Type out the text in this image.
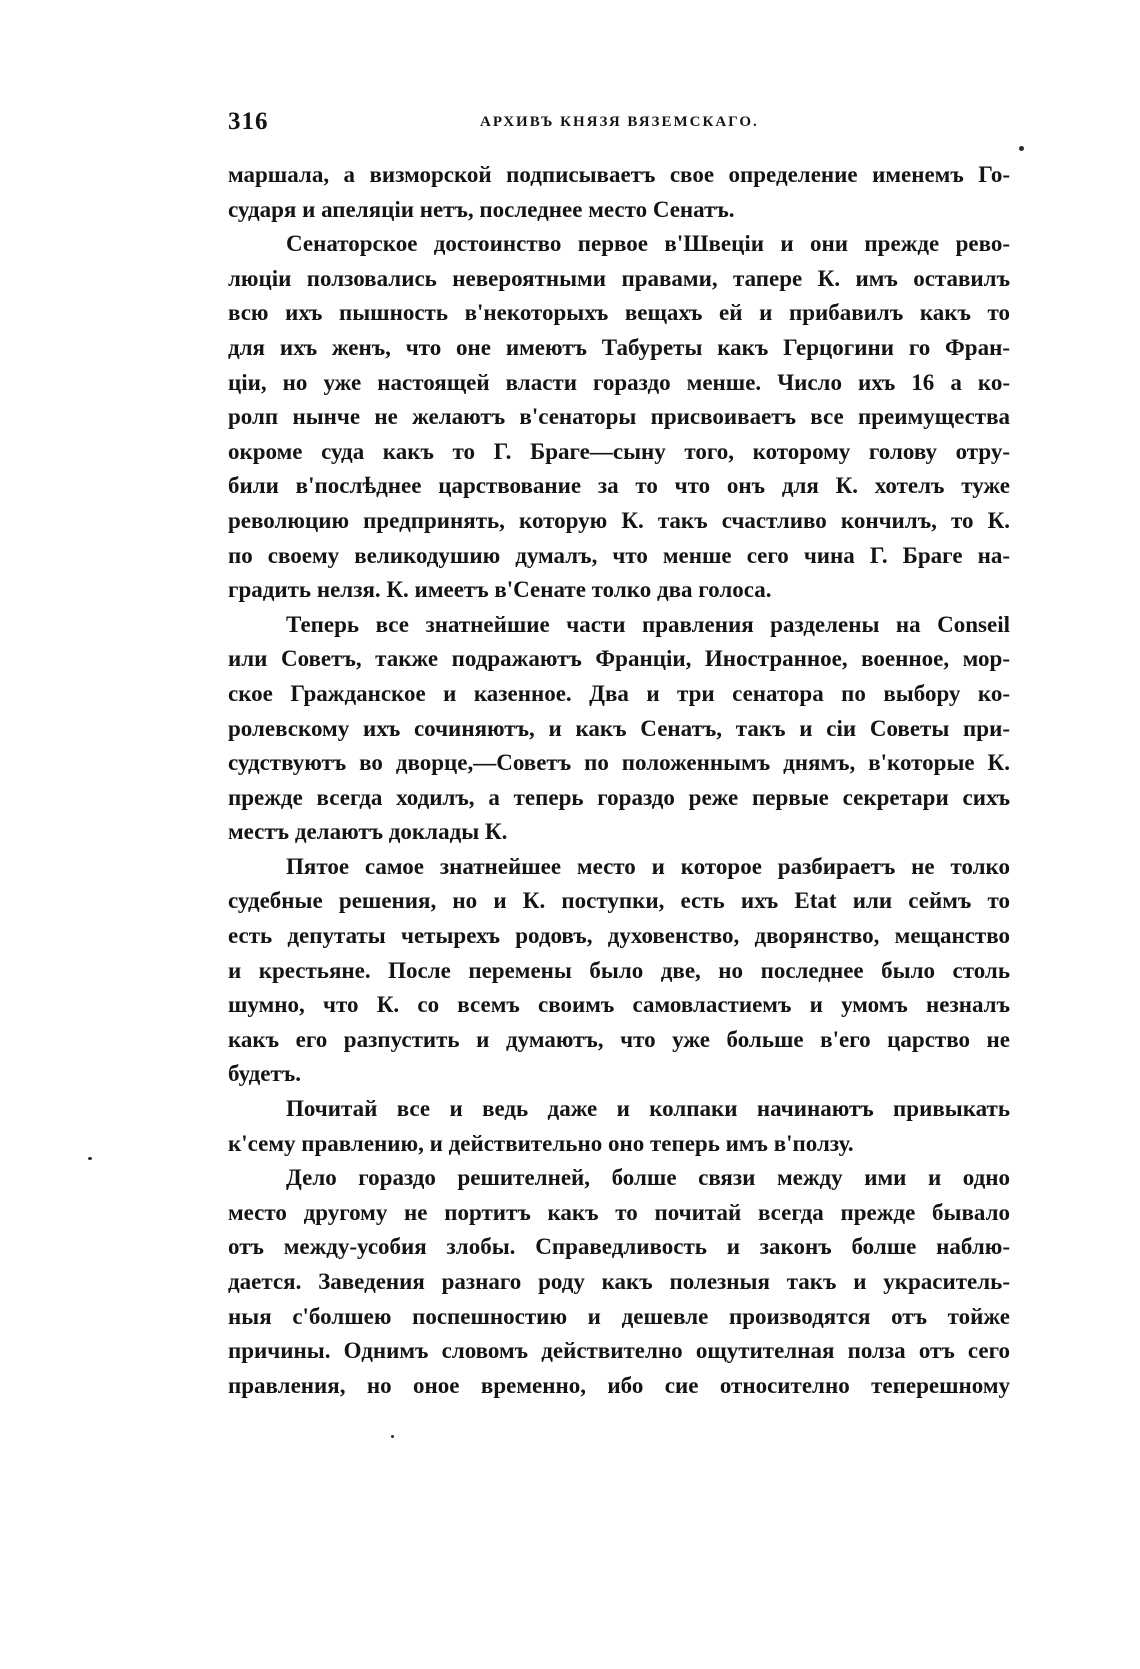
316	АРХИВЪ КНЯЗЯ ВЯЗЕМСКАГО.
маршала, а визморской подписываетъ свое определение именемъ Го-
сударя и апеляціи нетъ, последнее место Сенатъ.
Сенаторское достоинство первое в'Швеціи и они прежде рево-
люціи ползовались невероятными правами, тапере К. имъ оставилъ
всю ихъ пышность в'некоторыхъ вещахъ ей и прибавилъ какъ то
для ихъ женъ, что оне имеютъ Табуреты какъ Герцогини го Фран-
ціи, но уже настоящей власти гораздо менше. Число ихъ 16 а ко-
ролп нынче не желаютъ в'сенаторы присвоиваетъ все преимущества
окроме суда какъ то Г. Браге—сыну того, которому голову отру-
били в'послѣднее царствование за то что онъ для К. хотелъ туже
революцию предпринять, которую К. такъ счастливо кончилъ, то К.
по своему великодушию думалъ, что менше сего чина Г. Браге на-
градить нелзя. К. имеетъ в'Сенате толко два голоса.
Теперь все знатнейшие части правления разделены на Conseil
или Советъ, также подражаютъ Франціи, Иностранное, военное, мор-
ское Гражданское и казенное. Два и три сенатора по выбору ко-
ролевскому ихъ сочиняютъ, и какъ Сенатъ, такъ и сіи Советы при-
судствуютъ во дворце,—Советъ по положеннымъ днямъ, в'которые К.
прежде всегда ходилъ, а теперь гораздо реже первые секретари сихъ
местъ делаютъ доклады К.
Пятое самое знатнейшее место и которое разбираетъ не толко
судебные решения, но и К. поступки, есть ихъ Etat или сеймъ то
есть депутаты четырехъ родовъ, духовенство, дворянство, мещанство
и крестьяне. После перемены было две, но последнее было столь
шумно, что К. со всемъ своимъ самовластиемъ и умомъ незналъ
какъ его разпустить и думаютъ, что уже больше в'его царство не
будетъ.
Почитай все и ведь даже и колпаки начинаютъ привыкать
к'сему правлению, и действительно оно теперь имъ в'ползу.
Дело гораздо решителней, болше связи между ими и одно
место другому не портитъ какъ то почитай всегда прежде бывало
отъ между-усобия злобы. Справедливость и законъ болше наблю-
дается. Заведения разнаго роду какъ полезныя такъ и украситель-
ныя с'болшею поспешностию и дешевле производятся отъ тойже
причины. Однимъ словомъ действително ощутителная полза отъ сего
правления, но оное временно, ибо сие относително теперешному
